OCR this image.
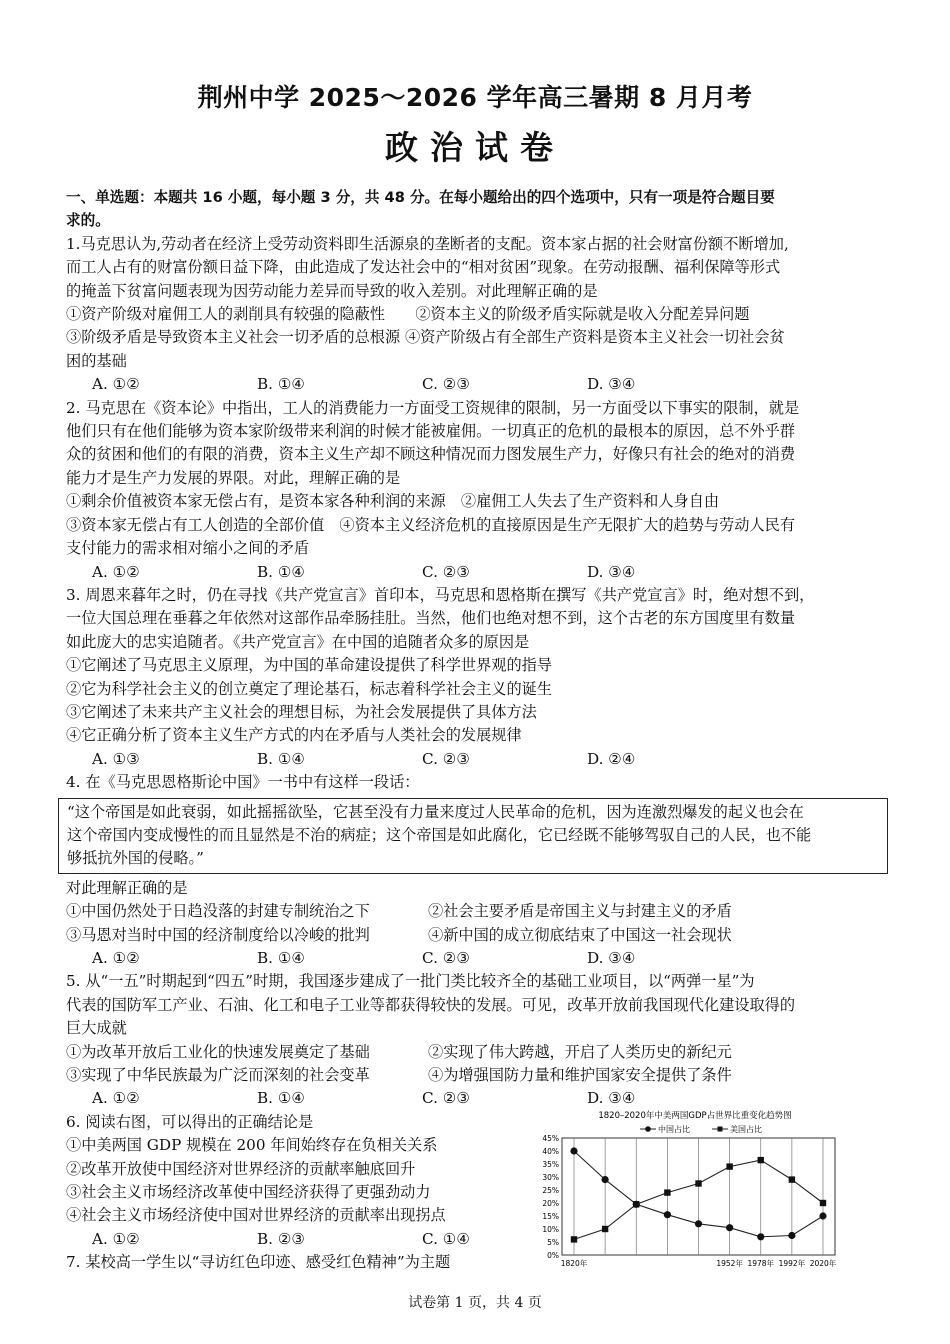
荆州中学 2025～2026 学年高三暑期 8 月月考
政治试卷
一、单选题：本题共 16 小题，每小题 3 分，共 48 分。在每小题给出的四个选项中，只有一项是符合题目要
求的。
1.马克思认为,劳动者在经济上受劳动资料即生活源泉的垄断者的支配。资本家占据的社会财富份额不断增加,
而工人占有的财富份额日益下降，由此造成了发达社会中的“相对贫困”现象。在劳动报酬、福利保障等形式
的掩盖下贫富问题表现为因劳动能力差异而导致的收入差别。对此理解正确的是
①资产阶级对雇佣工人的剥削具有较强的隐蔽性　　②资本主义的阶级矛盾实际就是收入分配差异问题
③阶级矛盾是导致资本主义社会一切矛盾的总根源 ④资产阶级占有全部生产资料是资本主义社会一切社会贫
困的基础
A. ①②	B. ①④	C. ②③	D. ③④
2. 马克思在《资本论》中指出，工人的消费能力一方面受工资规律的限制，另一方面受以下事实的限制，就是
他们只有在他们能够为资本家阶级带来利润的时候才能被雇佣。一切真正的危机的最根本的原因，总不外乎群
众的贫困和他们的有限的消费，资本主义生产却不顾这种情况而力图发展生产力，好像只有社会的绝对的消费
能力才是生产力发展的界限。对此，理解正确的是
①剩余价值被资本家无偿占有，是资本家各种利润的来源　②雇佣工人失去了生产资料和人身自由
③资本家无偿占有工人创造的全部价值　④资本主义经济危机的直接原因是生产无限扩大的趋势与劳动人民有
支付能力的需求相对缩小之间的矛盾
A. ①②	B. ①④	C. ②③	D. ③④
3. 周恩来暮年之时，仍在寻找《共产党宣言》首印本，马克思和恩格斯在撰写《共产党宣言》时，绝对想不到，
一位大国总理在垂暮之年依然对这部作品牵肠挂肚。当然，他们也绝对想不到，这个古老的东方国度里有数量
如此庞大的忠实追随者。《共产党宣言》在中国的追随者众多的原因是
①它阐述了马克思主义原理，为中国的革命建设提供了科学世界观的指导
②它为科学社会主义的创立奠定了理论基石，标志着科学社会主义的诞生
③它阐述了未来共产主义社会的理想目标，为社会发展提供了具体方法
④它正确分析了资本主义生产方式的内在矛盾与人类社会的发展规律
A. ①③	B. ①④	C. ②③	D. ②④
4. 在《马克思恩格斯论中国》一书中有这样一段话：
“这个帝国是如此衰弱，如此摇摇欲坠，它甚至没有力量来度过人民革命的危机，因为连激烈爆发的起义也会在
这个帝国内变成慢性的而且显然是不治的病症；这个帝国是如此腐化，它已经既不能够驾驭自己的人民，也不能
够抵抗外国的侵略。”
对此理解正确的是
①中国仍然处于日趋没落的封建专制统治之下	②社会主要矛盾是帝国主义与封建主义的矛盾
③马恩对当时中国的经济制度给以冷峻的批判	④新中国的成立彻底结束了中国这一社会现状
A. ①②	B. ①④	C. ②③	D. ③④
5. 从“一五”时期起到“四五”时期，我国逐步建成了一批门类比较齐全的基础工业项目，以“两弹一星”为
代表的国防军工产业、石油、化工和电子工业等都获得较快的发展。可见，改革开放前我国现代化建设取得的
巨大成就
①为改革开放后工业化的快速发展奠定了基础	②实现了伟大跨越，开启了人类历史的新纪元
③实现了中华民族最为广泛而深刻的社会变革	④为增强国防力量和维护国家安全提供了条件
A. ①②	B. ①④	C. ②③	D. ③④
6. 阅读右图，可以得出的正确结论是
①中美两国 GDP 规模在 200 年间始终存在负相关关系
②改革开放使中国经济对世界经济的贡献率触底回升
③社会主义市场经济改革使中国经济获得了更强劲动力
④社会主义市场经济使中国对世界经济的贡献率出现拐点
A. ①②	B. ②③	C. ①④
7. 某校高一学生以“寻访红色印迹、感受红色精神”为主题
1820–2020年中美两国GDP占世界比重变化趋势图
中国占比	美国占比
0%
5%
10%
15%
20%
25%
30%
35%
40%
45%
1820年	1952年 1978年 1992年 2020年
试卷第 1 页，共 4 页
